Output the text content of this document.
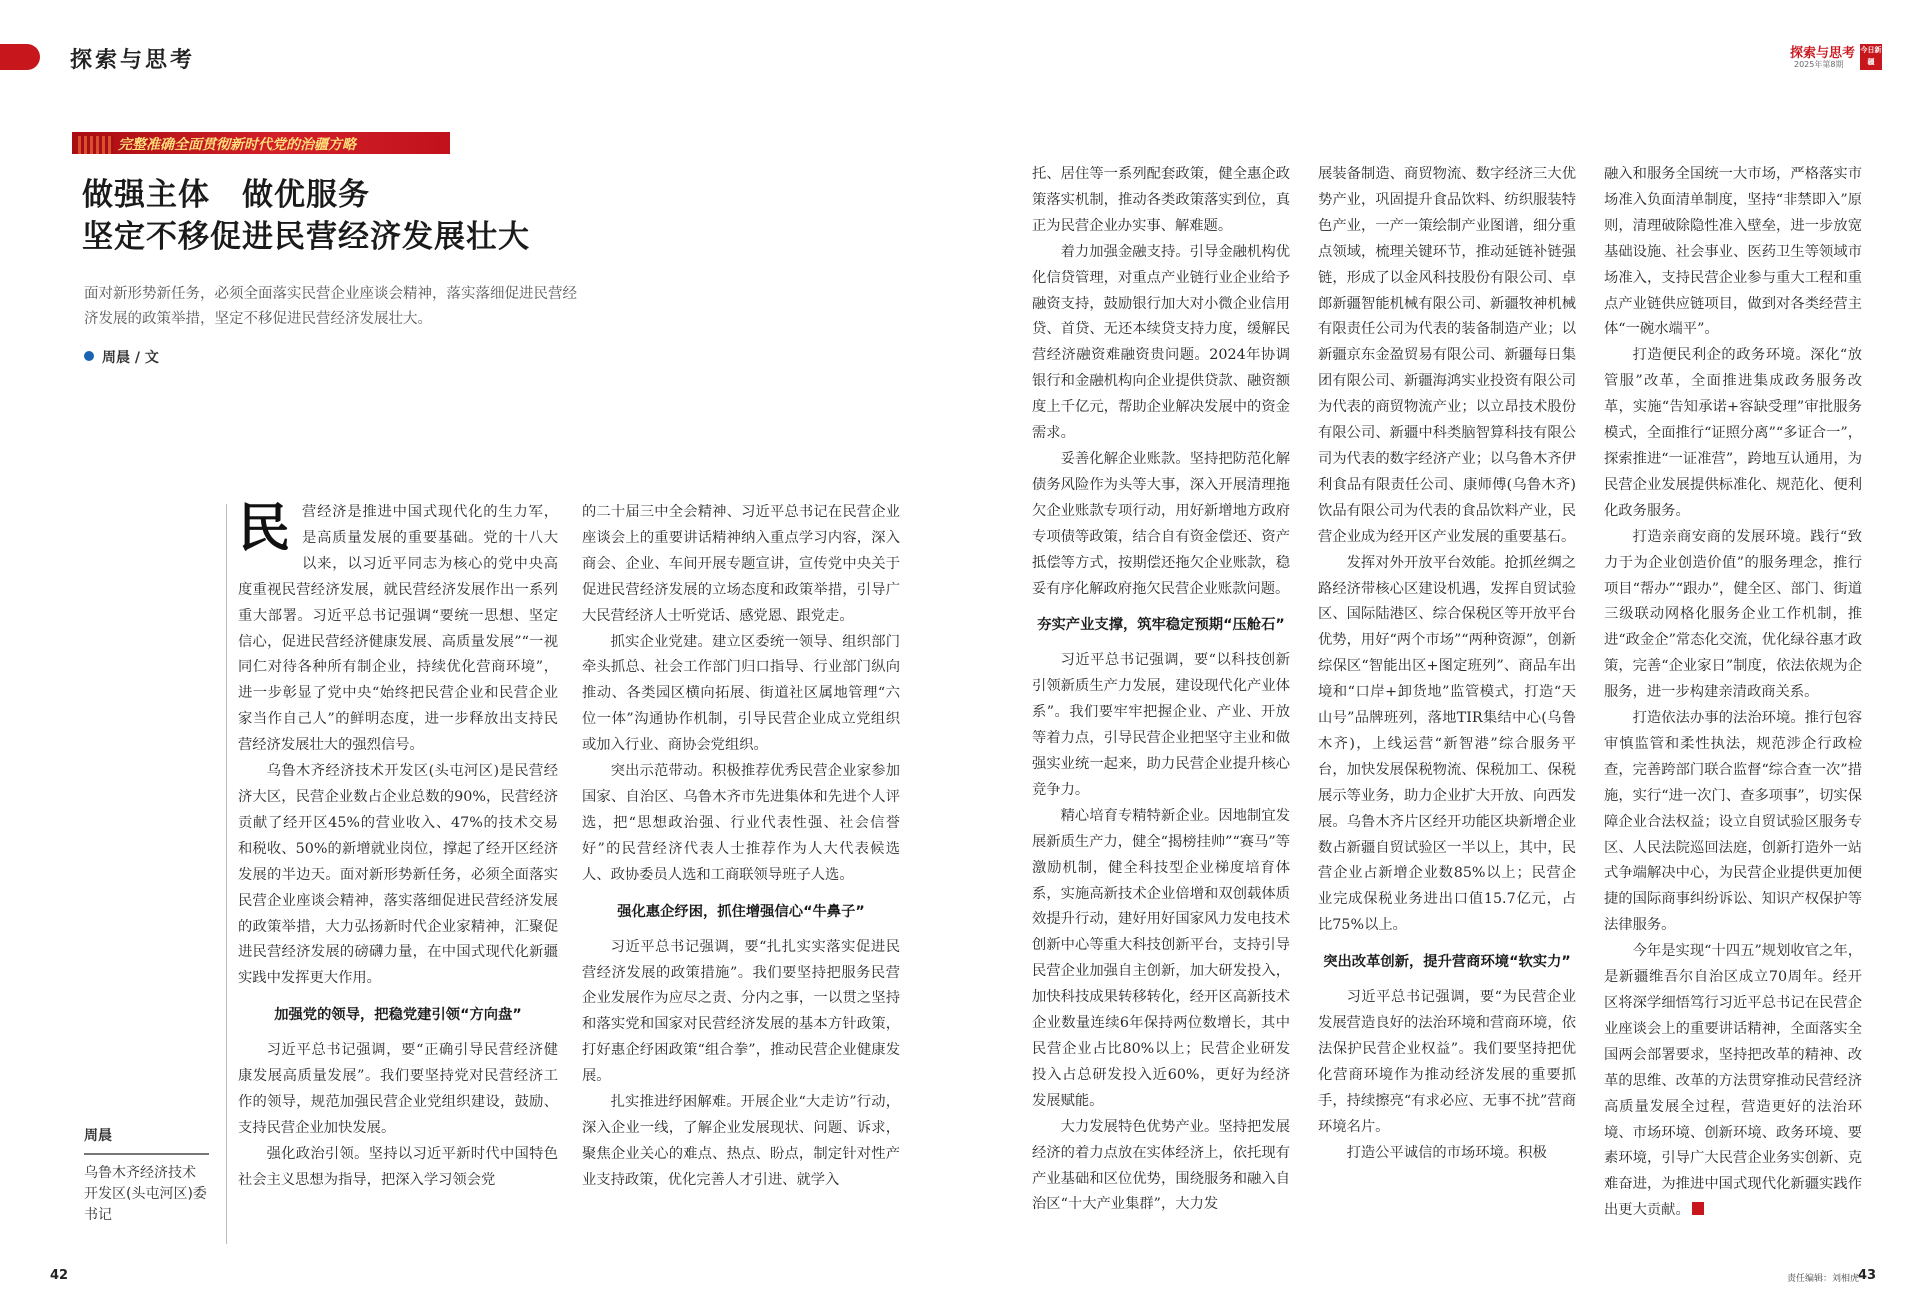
探索与思考	探索与思考
2025年第8期
今日新疆
完整准确全面贯彻新时代党的治疆方略
做强主体　做优服务
坚定不移促进民营经济发展壮大
面对新形势新任务，必须全面落实民营企业座谈会精神，落实落细促进民营经济发展的政策举措，坚定不移促进民营经济发展壮大。
周晨 / 文
周晨
乌鲁木齐经济技术开发区(头屯河区)委书记

民营经济是推进中国式现代化的生力军，是高质量发展的重要基础。党的十八大以来，以习近平同志为核心的党中央高度重视民营经济发展，就民营经济发展作出一系列重大部署。习近平总书记强调“要统一思想、坚定信心，促进民营经济健康发展、高质量发展”“一视同仁对待各种所有制企业，持续优化营商环境”，进一步彰显了党中央“始终把民营企业和民营企业家当作自己人”的鲜明态度，进一步释放出支持民营经济发展壮大的强烈信号。

乌鲁木齐经济技术开发区(头屯河区)是民营经济大区，民营企业数占企业总数的90%，民营经济贡献了经开区45%的营业收入、47%的技术交易和税收、50%的新增就业岗位，撑起了经开区经济发展的半边天。面对新形势新任务，必须全面落实民营企业座谈会精神，落实落细促进民营经济发展的政策举措，大力弘扬新时代企业家精神，汇聚促进民营经济发展的磅礴力量，在中国式现代化新疆实践中发挥更大作用。

加强党的领导，把稳党建引领“方向盘”

习近平总书记强调，要“正确引导民营经济健康发展高质量发展”。我们要坚持党对民营经济工作的领导，规范加强民营企业党组织建设，鼓励、支持民营企业加快发展。

强化政治引领。坚持以习近平新时代中国特色社会主义思想为指导，把深入学习领会党

的二十届三中全会精神、习近平总书记在民营企业座谈会上的重要讲话精神纳入重点学习内容，深入商会、企业、车间开展专题宣讲，宣传党中央关于促进民营经济发展的立场态度和政策举措，引导广大民营经济人士听党话、感党恩、跟党走。

抓实企业党建。建立区委统一领导、组织部门牵头抓总、社会工作部门归口指导、行业部门纵向推动、各类园区横向拓展、街道社区属地管理“六位一体”沟通协作机制，引导民营企业成立党组织或加入行业、商协会党组织。

突出示范带动。积极推荐优秀民营企业家参加国家、自治区、乌鲁木齐市先进集体和先进个人评选，把“思想政治强、行业代表性强、社会信誉好”的民营经济代表人士推荐作为人大代表候选人、政协委员人选和工商联领导班子人选。

强化惠企纾困，抓住增强信心“牛鼻子”

习近平总书记强调，要“扎扎实实落实促进民营经济发展的政策措施”。我们要坚持把服务民营企业发展作为应尽之责、分内之事，一以贯之坚持和落实党和国家对民营经济发展的基本方针政策，打好惠企纾困政策“组合拳”，推动民营企业健康发展。

扎实推进纾困解难。开展企业“大走访”行动，深入企业一线，了解企业发展现状、问题、诉求，聚焦企业关心的难点、热点、盼点，制定针对性产业支持政策，优化完善人才引进、就学入

托、居住等一系列配套政策，健全惠企政策落实机制，推动各类政策落实到位，真正为民营企业办实事、解难题。

着力加强金融支持。引导金融机构优化信贷管理，对重点产业链行业企业给予融资支持，鼓励银行加大对小微企业信用贷、首贷、无还本续贷支持力度，缓解民营经济融资难融资贵问题。2024年协调银行和金融机构向企业提供贷款、融资额度上千亿元，帮助企业解决发展中的资金需求。

妥善化解企业账款。坚持把防范化解债务风险作为头等大事，深入开展清理拖欠企业账款专项行动，用好新增地方政府专项债等政策，结合自有资金偿还、资产抵偿等方式，按期偿还拖欠企业账款，稳妥有序化解政府拖欠民营企业账款问题。

夯实产业支撑，筑牢稳定预期“压舱石”

习近平总书记强调，要“以科技创新引领新质生产力发展，建设现代化产业体系”。我们要牢牢把握企业、产业、开放等着力点，引导民营企业把坚守主业和做强实业统一起来，助力民营企业提升核心竞争力。

精心培育专精特新企业。因地制宜发展新质生产力，健全“揭榜挂帅”“赛马”等激励机制，健全科技型企业梯度培育体系，实施高新技术企业倍增和双创载体质效提升行动，建好用好国家风力发电技术创新中心等重大科技创新平台，支持引导民营企业加强自主创新，加大研发投入，加快科技成果转移转化，经开区高新技术企业数量连续6年保持两位数增长，其中民营企业占比80%以上；民营企业研发投入占总研发投入近60%，更好为经济发展赋能。

大力发展特色优势产业。坚持把发展经济的着力点放在实体经济上，依托现有产业基础和区位优势，围绕服务和融入自治区“十大产业集群”，大力发

展装备制造、商贸物流、数字经济三大优势产业，巩固提升食品饮料、纺织服装特色产业，一产一策绘制产业图谱，细分重点领域，梳理关键环节，推动延链补链强链，形成了以金风科技股份有限公司、卓郎新疆智能机械有限公司、新疆牧神机械有限责任公司为代表的装备制造产业；以新疆京东金盈贸易有限公司、新疆每日集团有限公司、新疆海鸿实业投资有限公司为代表的商贸物流产业；以立昂技术股份有限公司、新疆中科类脑智算科技有限公司为代表的数字经济产业；以乌鲁木齐伊利食品有限责任公司、康师傅(乌鲁木齐)饮品有限公司为代表的食品饮料产业，民营企业成为经开区产业发展的重要基石。

发挥对外开放平台效能。抢抓丝绸之路经济带核心区建设机遇，发挥自贸试验区、国际陆港区、综合保税区等开放平台优势，用好“两个市场”“两种资源”，创新综保区“智能出区+图定班列”、商品车出境和“口岸+卸货地”监管模式，打造“天山号”品牌班列，落地TIR集结中心(乌鲁木齐)，上线运营“新智港”综合服务平台，加快发展保税物流、保税加工、保税展示等业务，助力企业扩大开放、向西发展。乌鲁木齐片区经开功能区块新增企业数占新疆自贸试验区一半以上，其中，民营企业占新增企业数85%以上；民营企业完成保税业务进出口值15.7亿元，占比75%以上。

突出改革创新，提升营商环境“软实力”

习近平总书记强调，要“为民营企业发展营造良好的法治环境和营商环境，依法保护民营企业权益”。我们要坚持把优化营商环境作为推动经济发展的重要抓手，持续擦亮“有求必应、无事不扰”营商环境名片。

打造公平诚信的市场环境。积极

融入和服务全国统一大市场，严格落实市场准入负面清单制度，坚持“非禁即入”原则，清理破除隐性准入壁垒，进一步放宽基础设施、社会事业、医药卫生等领域市场准入，支持民营企业参与重大工程和重点产业链供应链项目，做到对各类经营主体“一碗水端平”。

打造便民利企的政务环境。深化“放管服”改革，全面推进集成政务服务改革，实施“告知承诺+容缺受理”审批服务模式，全面推行“证照分离”“多证合一”，探索推进“一证准营”，跨地互认通用，为民营企业发展提供标准化、规范化、便利化政务服务。

打造亲商安商的发展环境。践行“致力于为企业创造价值”的服务理念，推行项目“帮办”“跟办”，健全区、部门、街道三级联动网格化服务企业工作机制，推进“政金企”常态化交流，优化绿谷惠才政策，完善“企业家日”制度，依法依规为企服务，进一步构建亲清政商关系。

打造依法办事的法治环境。推行包容审慎监管和柔性执法，规范涉企行政检查，完善跨部门联合监督“综合查一次”措施，实行“进一次门、查多项事”，切实保障企业合法权益；设立自贸试验区服务专区、人民法院巡回法庭，创新打造外一站式争端解决中心，为民营企业提供更加便捷的国际商事纠纷诉讼、知识产权保护等法律服务。

今年是实现“十四五”规划收官之年，是新疆维吾尔自治区成立70周年。经开区将深学细悟笃行习近平总书记在民营企业座谈会上的重要讲话精神，全面落实全国两会部署要求，坚持把改革的精神、改革的思维、改革的方法贯穿推动民营经济高质量发展全过程，营造更好的法治环境、市场环境、创新环境、政务环境、要素环境，引导广大民营企业务实创新、克难奋进，为推进中国式现代化新疆实践作出更大贡献。

42	43
责任编辑：刘相虎
